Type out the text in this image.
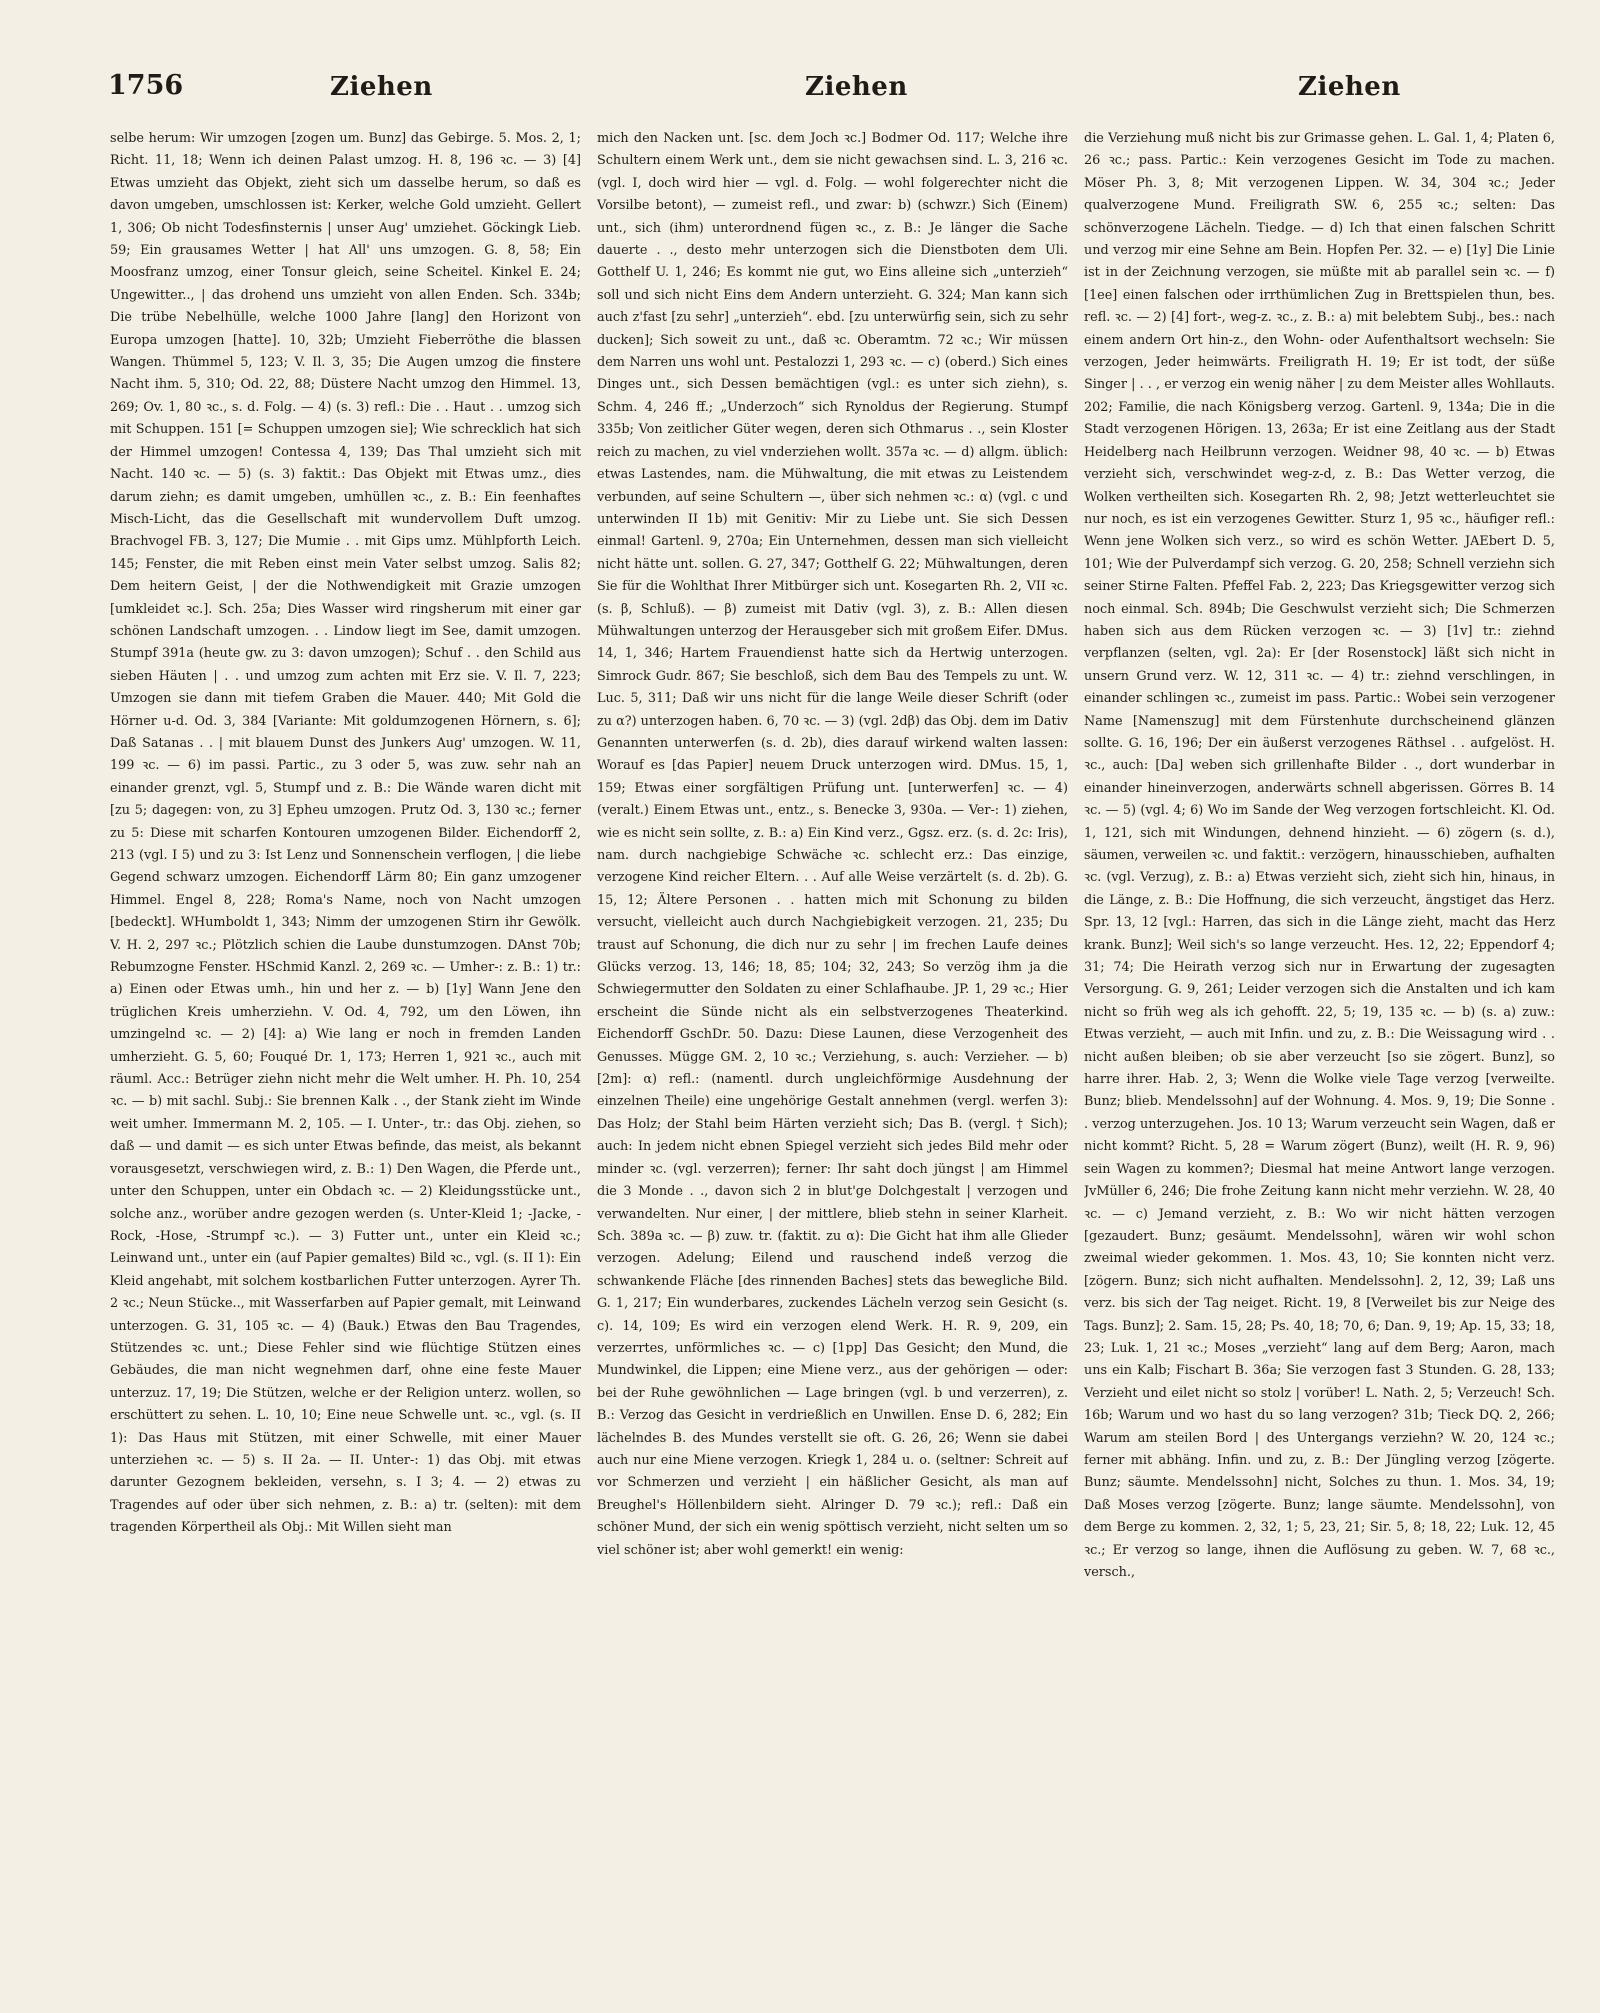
1756	Ziehen	Ziehen	Ziehen

selbe herum: Wir umzogen [zogen um. Bunz] das Gebirge. 5. Mos. 2, 1; Richt. 11, 18; Wenn ich deinen Palast umzog. H. 8, 196 ꝛc. — 3) [4] Etwas umzieht das Objekt, zieht sich um dasselbe herum, so daß es davon umgeben, umschlossen ist: Kerker, welche Gold umzieht. Gellert 1, 306; Ob nicht Todesfinsternis | unser Aug' umziehet. Göckingk Lieb. 59; Ein grausames Wetter | hat All' uns umzogen. G. 8, 58; Ein Moosfranz umzog, einer Tonsur gleich, seine Scheitel. Kinkel E. 24; Ungewitter.., | das drohend uns umzieht von allen Enden. Sch. 334b; Die trübe Nebelhülle, welche 1000 Jahre [lang] den Horizont von Europa umzogen [hatte]. 10, 32b; Umzieht Fieberröthe die blassen Wangen. Thümmel 5, 123; V. Il. 3, 35; Die Augen umzog die finstere Nacht ihm. 5, 310; Od. 22, 88; Düstere Nacht umzog den Himmel. 13, 269; Ov. 1, 80 ꝛc., s. d. Folg. — 4) (s. 3) refl.: Die . . Haut . . umzog sich mit Schuppen. 151 [= Schuppen umzogen sie]; Wie schrecklich hat sich der Himmel umzogen! Contessa 4, 139; Das Thal umzieht sich mit Nacht. 140 ꝛc. — 5) (s. 3) faktit.: Das Objekt mit Etwas umz., dies darum ziehn; es damit umgeben, umhüllen ꝛc., z. B.: Ein feenhaftes Misch-Licht, das die Gesellschaft mit wundervollem Duft umzog. Brachvogel FB. 3, 127; Die Mumie . . mit Gips umz. Mühlpforth Leich. 145; Fenster, die mit Reben einst mein Vater selbst umzog. Salis 82; Dem heitern Geist, | der die Nothwendigkeit mit Grazie umzogen [umkleidet ꝛc.]. Sch. 25a; Dies Wasser wird ringsherum mit einer gar schönen Landschaft umzogen. . . Lindow liegt im See, damit umzogen. Stumpf 391a (heute gw. zu 3: davon umzogen); Schuf . . den Schild aus sieben Häuten | . . und umzog zum achten mit Erz sie. V. Il. 7, 223; Umzogen sie dann mit tiefem Graben die Mauer. 440; Mit Gold die Hörner u-d. Od. 3, 384 [Variante: Mit goldumzogenen Hörnern, s. 6]; Daß Satanas . . | mit blauem Dunst des Junkers Aug' umzogen. W. 11, 199 ꝛc. — 6) im passi. Partic., zu 3 oder 5, was zuw. sehr nah an einander grenzt, vgl. 5, Stumpf und z. B.: Die Wände waren dicht mit [zu 5; dagegen: von, zu 3] Epheu umzogen. Prutz Od. 3, 130 ꝛc.; ferner zu 5: Diese mit scharfen Kontouren umzogenen Bilder. Eichendorff 2, 213 (vgl. I 5) und zu 3: Ist Lenz und Sonnenschein verflogen, | die liebe Gegend schwarz umzogen. Eichendorff Lärm 80; Ein ganz umzogener Himmel. Engel 8, 228; Roma's Name, noch von Nacht umzogen [bedeckt]. WHumboldt 1, 343; Nimm der umzogenen Stirn ihr Gewölk. V. H. 2, 297 ꝛc.; Plötzlich schien die Laube dunstumzogen. DAnst 70b; Rebumzogne Fenster. HSchmid Kanzl. 2, 269 ꝛc. — Umher-: z. B.: 1) tr.: a) Einen oder Etwas umh., hin und her z. — b) [1y] Wann Jene den trüglichen Kreis umherziehn. V. Od. 4, 792, um den Löwen, ihn umzingelnd ꝛc. — 2) [4]: a) Wie lang er noch in fremden Landen umherzieht. G. 5, 60; Fouqué Dr. 1, 173; Herren 1, 921 ꝛc., auch mit räuml. Acc.: Betrüger ziehn nicht mehr die Welt umher. H. Ph. 10, 254 ꝛc. — b) mit sachl. Subj.: Sie brennen Kalk . ., der Stank zieht im Winde weit umher. Immermann M. 2, 105. — I. Unter-, tr.: das Obj. ziehen, so daß — und damit — es sich unter Etwas befinde, das meist, als bekannt vorausgesetzt, verschwiegen wird, z. B.: 1) Den Wagen, die Pferde unt., unter den Schuppen, unter ein Obdach ꝛc. — 2) Kleidungsstücke unt., solche anz., worüber andre gezogen werden (s. Unter-Kleid 1; -Jacke, -Rock, -Hose, -Strumpf ꝛc.). — 3) Futter unt., unter ein Kleid ꝛc.; Leinwand unt., unter ein (auf Papier gemaltes) Bild ꝛc., vgl. (s. II 1): Ein Kleid angehabt, mit solchem kostbarlichen Futter unterzogen. Ayrer Th. 2 ꝛc.; Neun Stücke.., mit Wasserfarben auf Papier gemalt, mit Leinwand unterzogen. G. 31, 105 ꝛc. — 4) (Bauk.) Etwas den Bau Tragendes, Stützendes ꝛc. unt.; Diese Fehler sind wie flüchtige Stützen eines Gebäudes, die man nicht wegnehmen darf, ohne eine feste Mauer unterzuz. 17, 19; Die Stützen, welche er der Religion unterz. wollen, so erschüttert zu sehen. L. 10, 10; Eine neue Schwelle unt. ꝛc., vgl. (s. II 1): Das Haus mit Stützen, mit einer Schwelle, mit einer Mauer unterziehen ꝛc. — 5) s. II 2a. — II. Unter-: 1) das Obj. mit etwas darunter Gezognem bekleiden, versehn, s. I 3; 4. — 2) etwas zu Tragendes auf oder über sich nehmen, z. B.: a) tr. (selten): mit dem tragenden Körpertheil als Obj.: Mit Willen sieht man

mich den Nacken unt. [sc. dem Joch ꝛc.] Bodmer Od. 117; Welche ihre Schultern einem Werk unt., dem sie nicht gewachsen sind. L. 3, 216 ꝛc. (vgl. I, doch wird hier — vgl. d. Folg. — wohl folgerechter nicht die Vorsilbe betont), — zumeist refl., und zwar: b) (schwzr.) Sich (Einem) unt., sich (ihm) unterordnend fügen ꝛc., z. B.: Je länger die Sache dauerte . ., desto mehr unterzogen sich die Dienstboten dem Uli. Gotthelf U. 1, 246; Es kommt nie gut, wo Eins alleine sich „unterzieh“ soll und sich nicht Eins dem Andern unterzieht. G. 324; Man kann sich auch z'fast [zu sehr] „unterzieh“. ebd. [zu unterwürfig sein, sich zu sehr ducken]; Sich soweit zu unt., daß ꝛc. Oberamtm. 72 ꝛc.; Wir müssen dem Narren uns wohl unt. Pestalozzi 1, 293 ꝛc. — c) (oberd.) Sich eines Dinges unt., sich Dessen bemächtigen (vgl.: es unter sich ziehn), s. Schm. 4, 246 ff.; „Underzoch“ sich Rynoldus der Regierung. Stumpf 335b; Von zeitlicher Güter wegen, deren sich Othmarus . ., sein Kloster reich zu machen, zu viel vnderziehen wollt. 357a ꝛc. — d) allgm. üblich: etwas Lastendes, nam. die Mühwaltung, die mit etwas zu Leistendem verbunden, auf seine Schultern —, über sich nehmen ꝛc.: α) (vgl. c und unterwinden II 1b) mit Genitiv: Mir zu Liebe unt. Sie sich Dessen einmal! Gartenl. 9, 270a; Ein Unternehmen, dessen man sich vielleicht nicht hätte unt. sollen. G. 27, 347; Gotthelf G. 22; Mühwaltungen, deren Sie für die Wohlthat Ihrer Mitbürger sich unt. Kosegarten Rh. 2, VII ꝛc. (s. β, Schluß). — β) zumeist mit Dativ (vgl. 3), z. B.: Allen diesen Mühwaltungen unterzog der Herausgeber sich mit großem Eifer. DMus. 14, 1, 346; Hartem Frauendienst hatte sich da Hertwig unterzogen. Simrock Gudr. 867; Sie beschloß, sich dem Bau des Tempels zu unt. W. Luc. 5, 311; Daß wir uns nicht für die lange Weile dieser Schrift (oder zu α?) unterzogen haben. 6, 70 ꝛc. — 3) (vgl. 2dβ) das Obj. dem im Dativ Genannten unterwerfen (s. d. 2b), dies darauf wirkend walten lassen: Worauf es [das Papier] neuem Druck unterzogen wird. DMus. 15, 1, 159; Etwas einer sorgfältigen Prüfung unt. [unterwerfen] ꝛc. — 4) (veralt.) Einem Etwas unt., entz., s. Benecke 3, 930a. — Ver-: 1) ziehen, wie es nicht sein sollte, z. B.: a) Ein Kind verz., Ggsz. erz. (s. d. 2c: Iris), nam. durch nachgiebige Schwäche ꝛc. schlecht erz.: Das einzige, verzogene Kind reicher Eltern. . . Auf alle Weise verzärtelt (s. d. 2b). G. 15, 12; Ältere Personen . . hatten mich mit Schonung zu bilden versucht, vielleicht auch durch Nachgiebigkeit verzogen. 21, 235; Du traust auf Schonung, die dich nur zu sehr | im frechen Laufe deines Glücks verzog. 13, 146; 18, 85; 104; 32, 243; So verzög ihm ja die Schwiegermutter den Soldaten zu einer Schlafhaube. JP. 1, 29 ꝛc.; Hier erscheint die Sünde nicht als ein selbstverzogenes Theaterkind. Eichendorff GschDr. 50. Dazu: Diese Launen, diese Verzogenheit des Genusses. Mügge GM. 2, 10 ꝛc.; Verziehung, s. auch: Verzieher. — b) [2m]: α) refl.: (namentl. durch ungleichförmige Ausdehnung der einzelnen Theile) eine ungehörige Gestalt annehmen (vergl. werfen 3): Das Holz; der Stahl beim Härten verzieht sich; Das B. (vergl. † Sich); auch: In jedem nicht ebnen Spiegel verzieht sich jedes Bild mehr oder minder ꝛc. (vgl. verzerren); ferner: Ihr saht doch jüngst | am Himmel die 3 Monde . ., davon sich 2 in blut'ge Dolchgestalt | verzogen und verwandelten. Nur einer, | der mittlere, blieb stehn in seiner Klarheit. Sch. 389a ꝛc. — β) zuw. tr. (faktit. zu α): Die Gicht hat ihm alle Glieder verzogen. Adelung; Eilend und rauschend indeß verzog die schwankende Fläche [des rinnenden Baches] stets das bewegliche Bild. G. 1, 217; Ein wunderbares, zuckendes Lächeln verzog sein Gesicht (s. c). 14, 109; Es wird ein verzogen elend Werk. H. R. 9, 209, ein verzerrtes, unförmliches ꝛc. — c) [1pp] Das Gesicht; den Mund, die Mundwinkel, die Lippen; eine Miene verz., aus der gehörigen — oder: bei der Ruhe gewöhnlichen — Lage bringen (vgl. b und verzerren), z. B.: Verzog das Gesicht in verdrießlich en Unwillen. Ense D. 6, 282; Ein lächelndes B. des Mundes verstellt sie oft. G. 26, 26; Wenn sie dabei auch nur eine Miene verzogen. Kriegk 1, 284 u. o. (seltner: Schreit auf vor Schmerzen und verzieht | ein häßlicher Gesicht, als man auf Breughel's Höllenbildern sieht. Alringer D. 79 ꝛc.); refl.: Daß ein schöner Mund, der sich ein wenig spöttisch verzieht, nicht selten um so viel schöner ist; aber wohl gemerkt! ein wenig:

die Verziehung muß nicht bis zur Grimasse gehen. L. Gal. 1, 4; Platen 6, 26 ꝛc.; pass. Partic.: Kein verzogenes Gesicht im Tode zu machen. Möser Ph. 3, 8; Mit verzogenen Lippen. W. 34, 304 ꝛc.; Jeder qualverzogene Mund. Freiligrath SW. 6, 255 ꝛc.; selten: Das schönverzogene Lächeln. Tiedge. — d) Ich that einen falschen Schritt und verzog mir eine Sehne am Bein. Hopfen Per. 32. — e) [1y] Die Linie ist in der Zeichnung verzogen, sie müßte mit ab parallel sein ꝛc. — f) [1ee] einen falschen oder irrthümlichen Zug in Brettspielen thun, bes. refl. ꝛc. — 2) [4] fort-, weg-z. ꝛc., z. B.: a) mit belebtem Subj., bes.: nach einem andern Ort hin-z., den Wohn- oder Aufenthaltsort wechseln: Sie verzogen, Jeder heimwärts. Freiligrath H. 19; Er ist todt, der süße Singer | . . , er verzog ein wenig näher | zu dem Meister alles Wohllauts. 202; Familie, die nach Königsberg verzog. Gartenl. 9, 134a; Die in die Stadt verzogenen Hörigen. 13, 263a; Er ist eine Zeitlang aus der Stadt Heidelberg nach Heilbrunn verzogen. Weidner 98, 40 ꝛc. — b) Etwas verzieht sich, verschwindet weg-z-d, z. B.: Das Wetter verzog, die Wolken vertheilten sich. Kosegarten Rh. 2, 98; Jetzt wetterleuchtet sie nur noch, es ist ein verzogenes Gewitter. Sturz 1, 95 ꝛc., häufiger refl.: Wenn jene Wolken sich verz., so wird es schön Wetter. JAEbert D. 5, 101; Wie der Pulverdampf sich verzog. G. 20, 258; Schnell verziehn sich seiner Stirne Falten. Pfeffel Fab. 2, 223; Das Kriegsgewitter verzog sich noch einmal. Sch. 894b; Die Geschwulst verzieht sich; Die Schmerzen haben sich aus dem Rücken verzogen ꝛc. — 3) [1v] tr.: ziehnd verpflanzen (selten, vgl. 2a): Er [der Rosenstock] läßt sich nicht in unsern Grund verz. W. 12, 311 ꝛc. — 4) tr.: ziehnd verschlingen, in einander schlingen ꝛc., zumeist im pass. Partic.: Wobei sein verzogener Name [Namenszug] mit dem Fürstenhute durchscheinend glänzen sollte. G. 16, 196; Der ein äußerst verzogenes Räthsel . . aufgelöst. H. ꝛc., auch: [Da] weben sich grillenhafte Bilder . ., dort wunderbar in einander hineinverzogen, anderwärts schnell abgerissen. Görres B. 14 ꝛc. — 5) (vgl. 4; 6) Wo im Sande der Weg verzogen fortschleicht. Kl. Od. 1, 121, sich mit Windungen, dehnend hinzieht. — 6) zögern (s. d.), säumen, verweilen ꝛc. und faktit.: verzögern, hinausschieben, aufhalten ꝛc. (vgl. Verzug), z. B.: a) Etwas verzieht sich, zieht sich hin, hinaus, in die Länge, z. B.: Die Hoffnung, die sich verzeucht, ängstiget das Herz. Spr. 13, 12 [vgl.: Harren, das sich in die Länge zieht, macht das Herz krank. Bunz]; Weil sich's so lange verzeucht. Hes. 12, 22; Eppendorf 4; 31; 74; Die Heirath verzog sich nur in Erwartung der zugesagten Versorgung. G. 9, 261; Leider verzogen sich die Anstalten und ich kam nicht so früh weg als ich gehofft. 22, 5; 19, 135 ꝛc. — b) (s. a) zuw.: Etwas verzieht, — auch mit Infin. und zu, z. B.: Die Weissagung wird . . nicht außen bleiben; ob sie aber verzeucht [so sie zögert. Bunz], so harre ihrer. Hab. 2, 3; Wenn die Wolke viele Tage verzog [verweilte. Bunz; blieb. Mendelssohn] auf der Wohnung. 4. Mos. 9, 19; Die Sonne . . verzog unterzugehen. Jos. 10 13; Warum verzeucht sein Wagen, daß er nicht kommt? Richt. 5, 28 = Warum zögert (Bunz), weilt (H. R. 9, 96) sein Wagen zu kommen?; Diesmal hat meine Antwort lange verzogen. JvMüller 6, 246; Die frohe Zeitung kann nicht mehr verziehn. W. 28, 40 ꝛc. — c) Jemand verzieht, z. B.: Wo wir nicht hätten verzogen [gezaudert. Bunz; gesäumt. Mendelssohn], wären wir wohl schon zweimal wieder gekommen. 1. Mos. 43, 10; Sie konnten nicht verz. [zögern. Bunz; sich nicht aufhalten. Mendelssohn]. 2, 12, 39; Laß uns verz. bis sich der Tag neiget. Richt. 19, 8 [Verweilet bis zur Neige des Tags. Bunz]; 2. Sam. 15, 28; Ps. 40, 18; 70, 6; Dan. 9, 19; Ap. 15, 33; 18, 23; Luk. 1, 21 ꝛc.; Moses „verzieht“ lang auf dem Berg; Aaron, mach uns ein Kalb; Fischart B. 36a; Sie verzogen fast 3 Stunden. G. 28, 133; Verzieht und eilet nicht so stolz | vorüber! L. Nath. 2, 5; Verzeuch! Sch. 16b; Warum und wo hast du so lang verzogen? 31b; Tieck DQ. 2, 266; Warum am steilen Bord | des Untergangs verziehn? W. 20, 124 ꝛc.; ferner mit abhäng. Infin. und zu, z. B.: Der Jüngling verzog [zögerte. Bunz; säumte. Mendelssohn] nicht, Solches zu thun. 1. Mos. 34, 19; Daß Moses verzog [zögerte. Bunz; lange säumte. Mendelssohn], von dem Berge zu kommen. 2, 32, 1; 5, 23, 21; Sir. 5, 8; 18, 22; Luk. 12, 45 ꝛc.; Er verzog so lange, ihnen die Auflösung zu geben. W. 7, 68 ꝛc., versch.,
